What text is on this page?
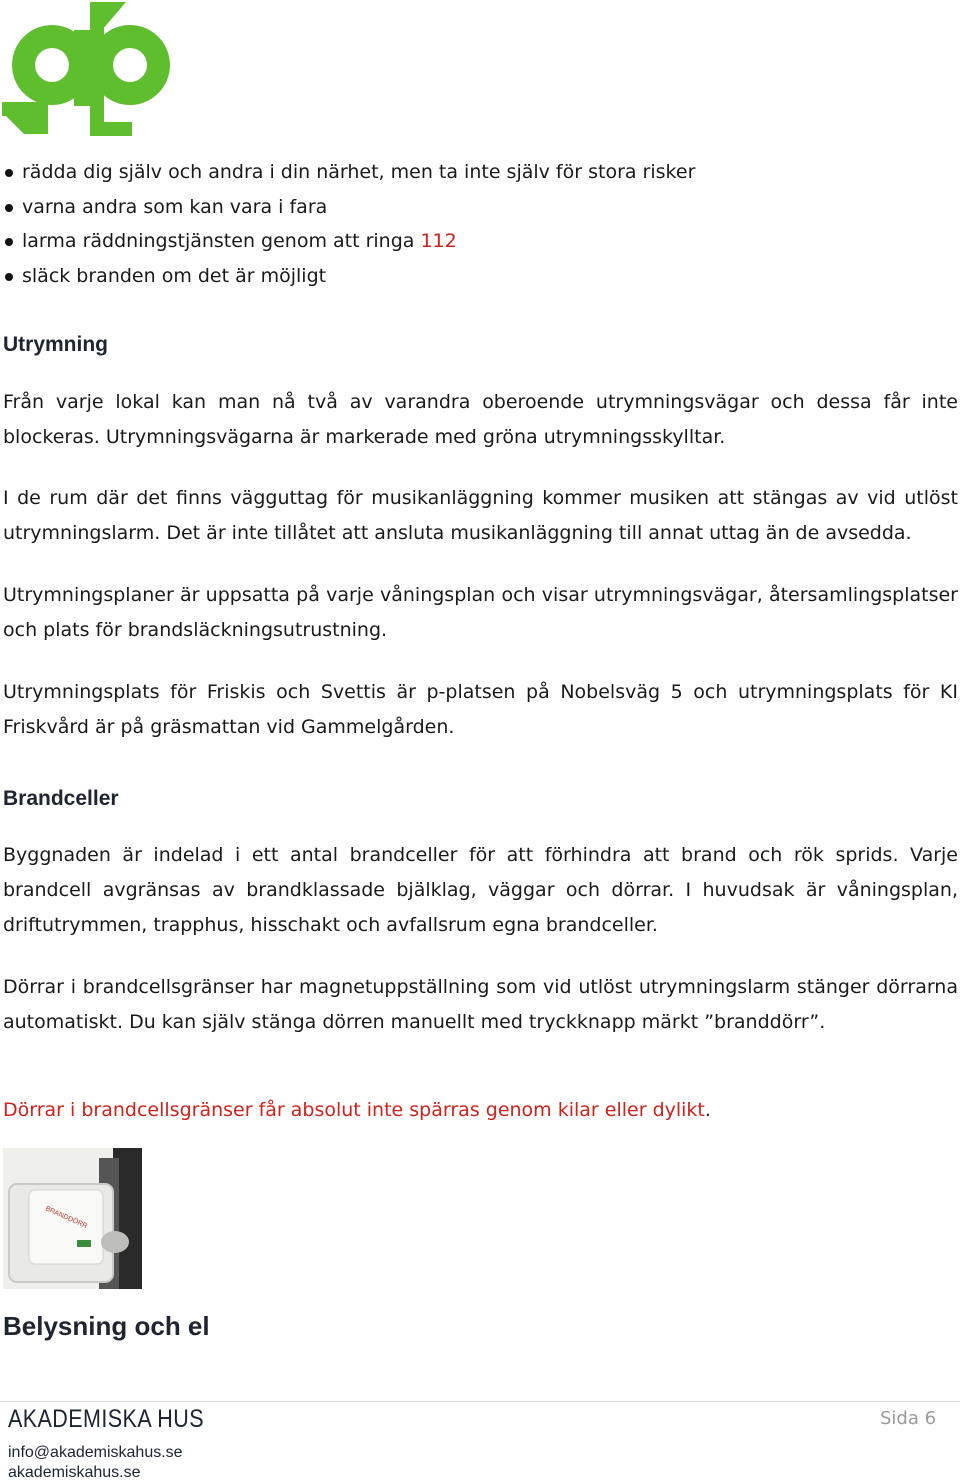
rädda dig själv och andra i din närhet, men ta inte själv för stora risker
varna andra som kan vara i fara
larma räddningstjänsten genom att ringa 112
släck branden om det är möjligt
Utrymning

Från varje lokal kan man nå två av varandra oberoende utrymningsvägar och dessa får inte blockeras. Utrymningsvägarna är markerade med gröna utrymningsskylltar.

I de rum där det finns vägguttag för musikanläggning kommer musiken att stängas av vid utlöst utrymningslarm. Det är inte tillåtet att ansluta musikanläggning till annat uttag än de avsedda.

Utrymningsplaner är uppsatta på varje våningsplan och visar utrymningsvägar, återsamlingsplatser och plats för brandsläckningsutrustning.

Utrymningsplats för Friskis och Svettis är p-platsen på Nobelsväg 5 och utrymningsplats för KI Friskvård är på gräsmattan vid Gammelgården.

Brandceller

Byggnaden är indelad i ett antal brandceller för att förhindra att brand och rök sprids. Varje brandcell avgränsas av brandklassade bjälklag, väggar och dörrar. I huvudsak är våningsplan, driftutrymmen, trapphus, hisschakt och avfallsrum egna brandceller.

Dörrar i brandcellsgränser har magnetuppställning som vid utlöst utrymningslarm stänger dörrarna automatiskt. Du kan själv stänga dörren manuellt med tryckknapp märkt ”branddörr”.

Dörrar i brandcellsgränser får absolut inte spärras genom kilar eller dylikt.

BRANDDÖRR
Belysning och el
AKADEMISKA HUS
info@akademiskahus.se
akademiskahus.se
Sida 6
